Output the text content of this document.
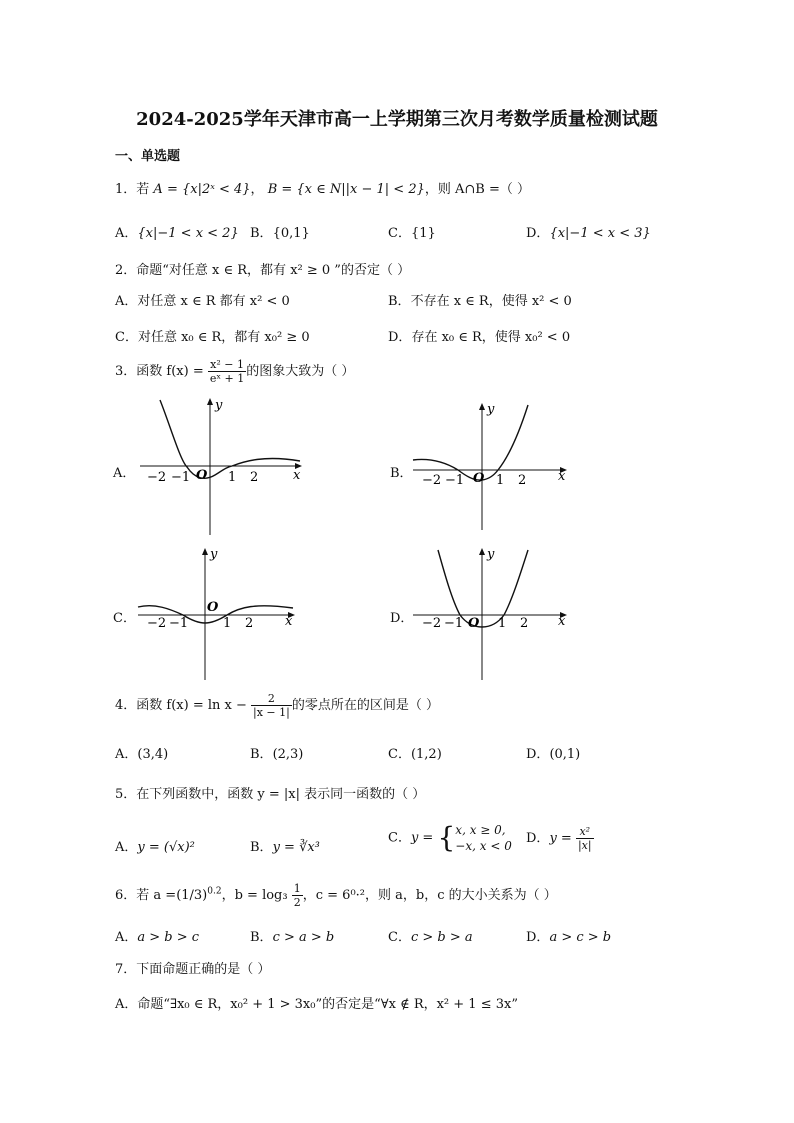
2024-2025学年天津市高一上学期第三次月考数学质量检测试题
一、单选题
1．若 A = {x|2ˣ < 4}， B = {x ∈ N||x − 1| < 2}，则 A∩B =（ ）
A．{x|−1 < x < 2} B．{0,1}	C．{1}	D．{x|−1 < x < 3}
2．命题“对任意 x ∈ R，都有 x² ≥ 0 ”的否定（ ）
A．对任意 x ∈ R 都有 x² < 0	B．不存在 x ∈ R，使得 x² < 0
C．对任意 x₀ ∈ R，都有 x₀² ≥ 0	D．存在 x₀ ∈ R，使得 x₀² < 0
3．函数 $f(x) = \frac{\text{x² − 1}}{\text{eˣ + 1}}$ 的图象大致为（ ）
A．	B．
C．	D．
−2 −1	1 2
O	x
y
−2 −1 1 2
O	x
y
−2 −1	1 2
O
x
y
−2 −1	1 2
O	x
y
4．函数 $f(x) = \ln x - \frac{2}{|x - 1|}$ 的零点所在的区间是（ ）
A．(3,4)	B．(2,3)	C．(1,2)	D．(0,1)
5．在下列函数中，函数 y = |x| 表示同一函数的（ ）
A．y = (√x)²	B．y = ∛x³
C．y = { x, x ≥ 0,
−x, x < 0 D．$y = \frac{\text{x²}}{|x|}$
6．若 $a =(1/3)^{0.2}$，$b = \log_3 \frac{1}{2}$ ，c = 6⁰·²，则 a，b，c 的大小关系为（ ）
A．a > b > c	B．c > a > b	C．c > b > a	D．a > c > b
7．下面命题正确的是（ ）
A．命题“∃x₀ ∈ R，x₀² + 1 > 3x₀”的否定是“∀x ∉ R，x² + 1 ≤ 3x”
